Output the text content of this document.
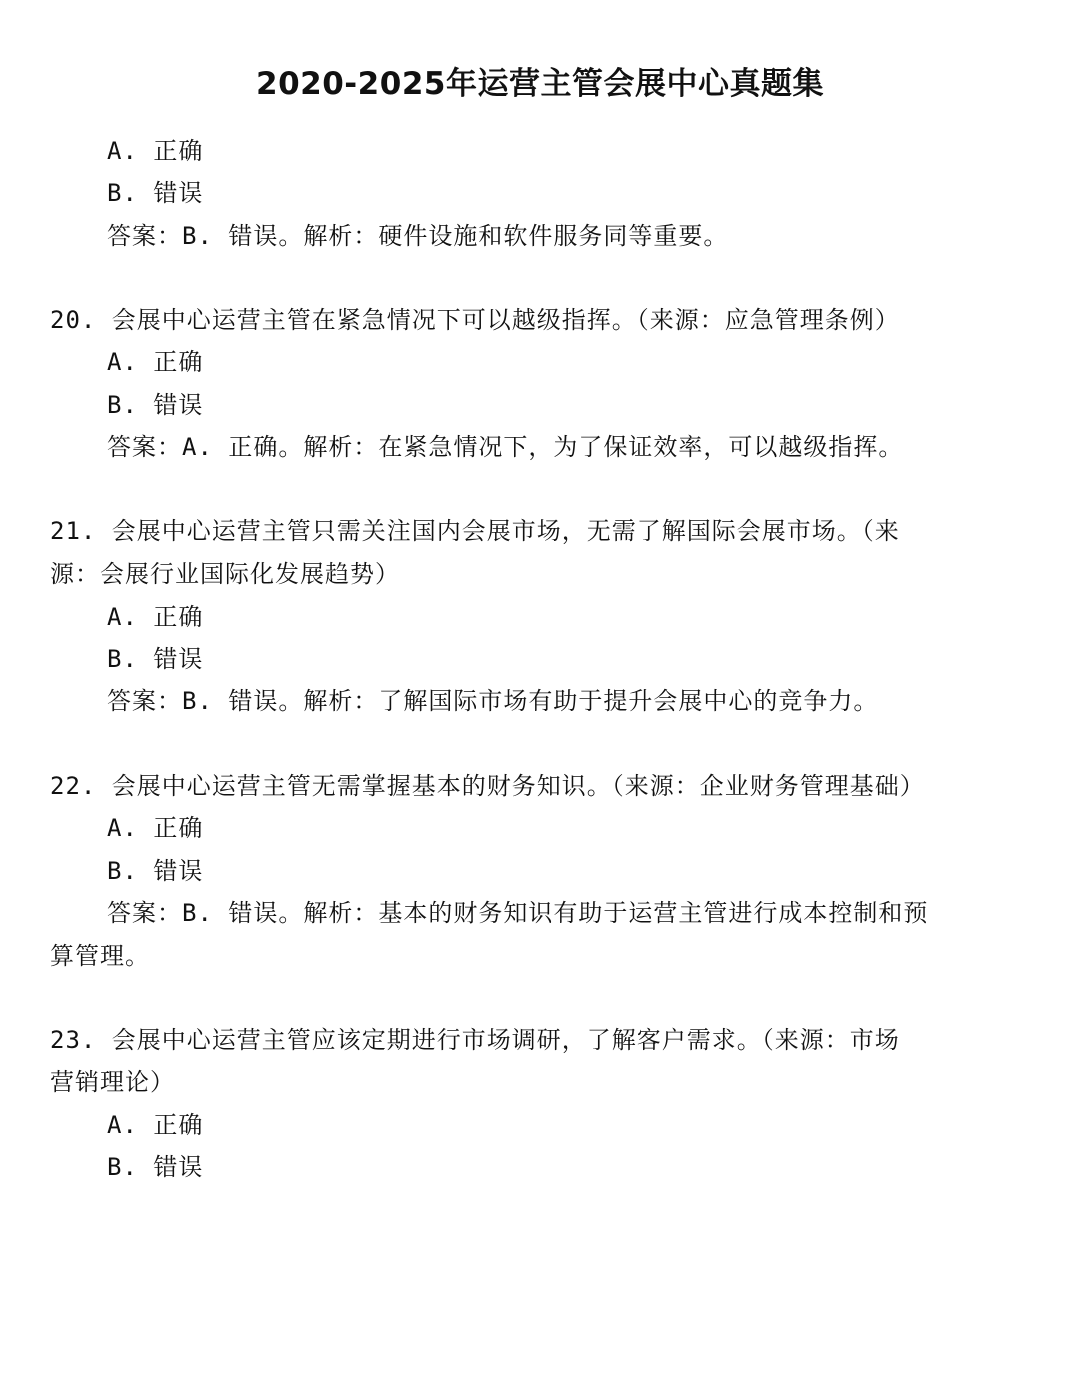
2020-2025年运营主管会展中心真题集
A. 正确
B. 错误
答案：B. 错误。解析：硬件设施和软件服务同等重要。
20. 会展中心运营主管在紧急情况下可以越级指挥。（来源：应急管理条例）
A. 正确
B. 错误
答案：A. 正确。解析：在紧急情况下，为了保证效率，可以越级指挥。
21. 会展中心运营主管只需关注国内会展市场，无需了解国际会展市场。（来
源：会展行业国际化发展趋势）
A. 正确
B. 错误
答案：B. 错误。解析：了解国际市场有助于提升会展中心的竞争力。
22. 会展中心运营主管无需掌握基本的财务知识。（来源：企业财务管理基础）
A. 正确
B. 错误
答案：B. 错误。解析：基本的财务知识有助于运营主管进行成本控制和预
算管理。
23. 会展中心运营主管应该定期进行市场调研，了解客户需求。（来源：市场
营销理论）
A. 正确
B. 错误
